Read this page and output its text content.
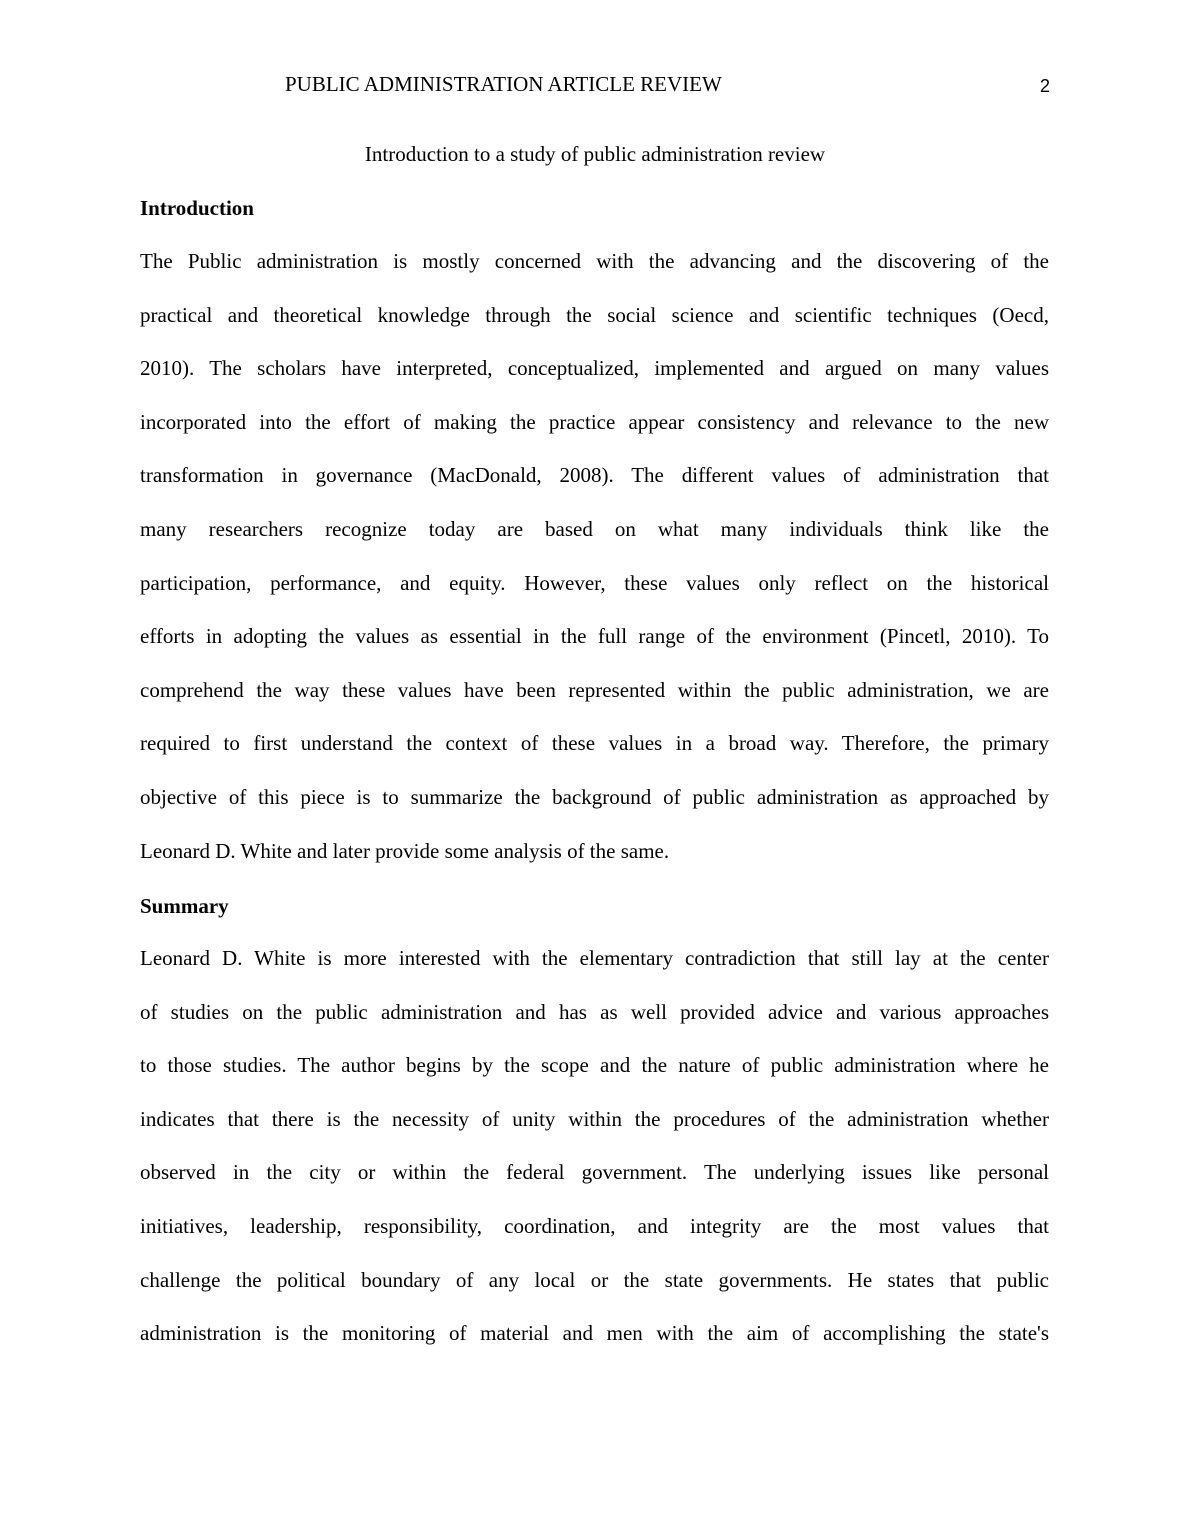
PUBLIC ADMINISTRATION ARTICLE REVIEW	2
Introduction to a study of public administration review
Introduction
The Public administration is mostly concerned with the advancing and the discovering of the
practical and theoretical knowledge through the social science and scientific techniques (Oecd,
2010). The scholars have interpreted, conceptualized, implemented and argued on many values
incorporated into the effort of making the practice appear consistency and relevance to the new
transformation in governance (MacDonald, 2008). The different values of administration that
many researchers recognize today are based on what many individuals think like the
participation, performance, and equity. However, these values only reflect on the historical
efforts in adopting the values as essential in the full range of the environment (Pincetl, 2010). To
comprehend the way these values have been represented within the public administration, we are
required to first understand the context of these values in a broad way. Therefore, the primary
objective of this piece is to summarize the background of public administration as approached by
Leonard D. White and later provide some analysis of the same.
Summary
Leonard D. White is more interested with the elementary contradiction that still lay at the center
of studies on the public administration and has as well provided advice and various approaches
to those studies. The author begins by the scope and the nature of public administration where he
indicates that there is the necessity of unity within the procedures of the administration whether
observed in the city or within the federal government. The underlying issues like personal
initiatives, leadership, responsibility, coordination, and integrity are the most values that
challenge the political boundary of any local or the state governments. He states that public
administration is the monitoring of material and men with the aim of accomplishing the state's
